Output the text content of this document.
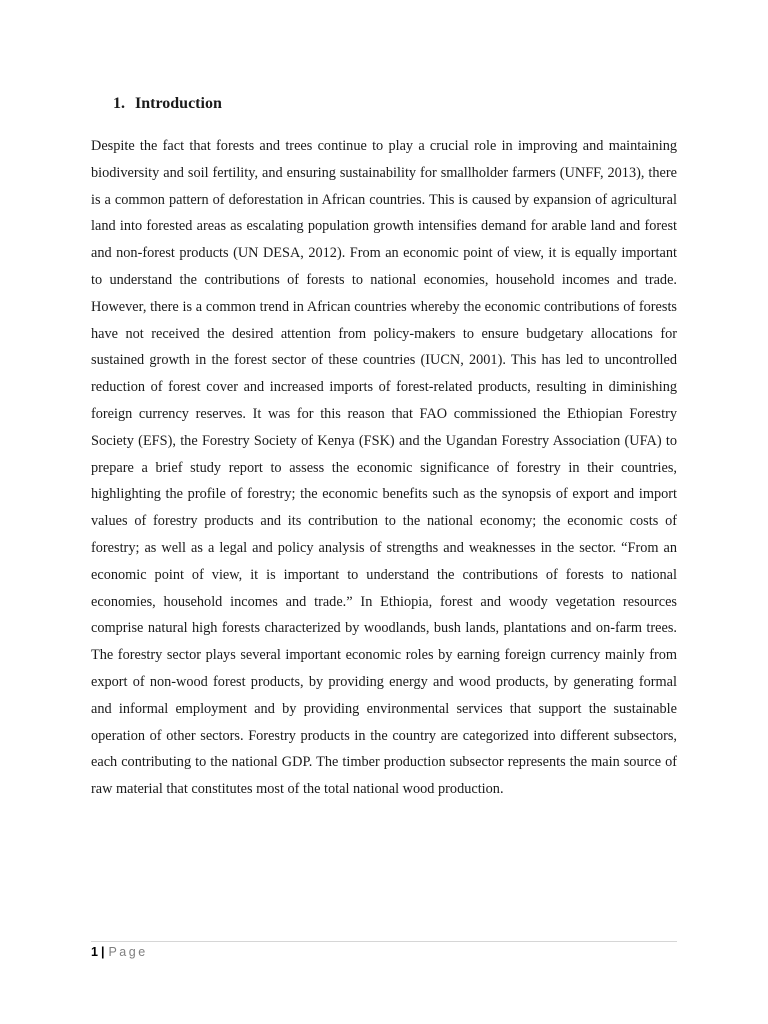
1. Introduction

Despite the fact that forests and trees continue to play a crucial role in improving and maintaining biodiversity and soil fertility, and ensuring sustainability for smallholder farmers (UNFF, 2013), there is a common pattern of deforestation in African countries. This is caused by expansion of agricultural land into forested areas as escalating population growth intensifies demand for arable land and forest and non-forest products (UN DESA, 2012). From an economic point of view, it is equally important to understand the contributions of forests to national economies, household incomes and trade. However, there is a common trend in African countries whereby the economic contributions of forests have not received the desired attention from policy-makers to ensure budgetary allocations for sustained growth in the forest sector of these countries (IUCN, 2001). This has led to uncontrolled reduction of forest cover and increased imports of forest-related products, resulting in diminishing foreign currency reserves. It was for this reason that FAO commissioned the Ethiopian Forestry Society (EFS), the Forestry Society of Kenya (FSK) and the Ugandan Forestry Association (UFA) to prepare a brief study report to assess the economic significance of forestry in their countries, highlighting the profile of forestry; the economic benefits such as the synopsis of export and import values of forestry products and its contribution to the national economy; the economic costs of forestry; as well as a legal and policy analysis of strengths and weaknesses in the sector. “From an economic point of view, it is important to understand the contributions of forests to national economies, household incomes and trade.” In Ethiopia, forest and woody vegetation resources comprise natural high forests characterized by woodlands, bush lands, plantations and on-farm trees. The forestry sector plays several important economic roles by earning foreign currency mainly from export of non-wood forest products, by providing energy and wood products, by generating formal and informal employment and by providing environmental services that support the sustainable operation of other sectors. Forestry products in the country are categorized into different subsectors, each contributing to the national GDP. The timber production subsector represents the main source of raw material that constitutes most of the total national wood production.

1 | Page
